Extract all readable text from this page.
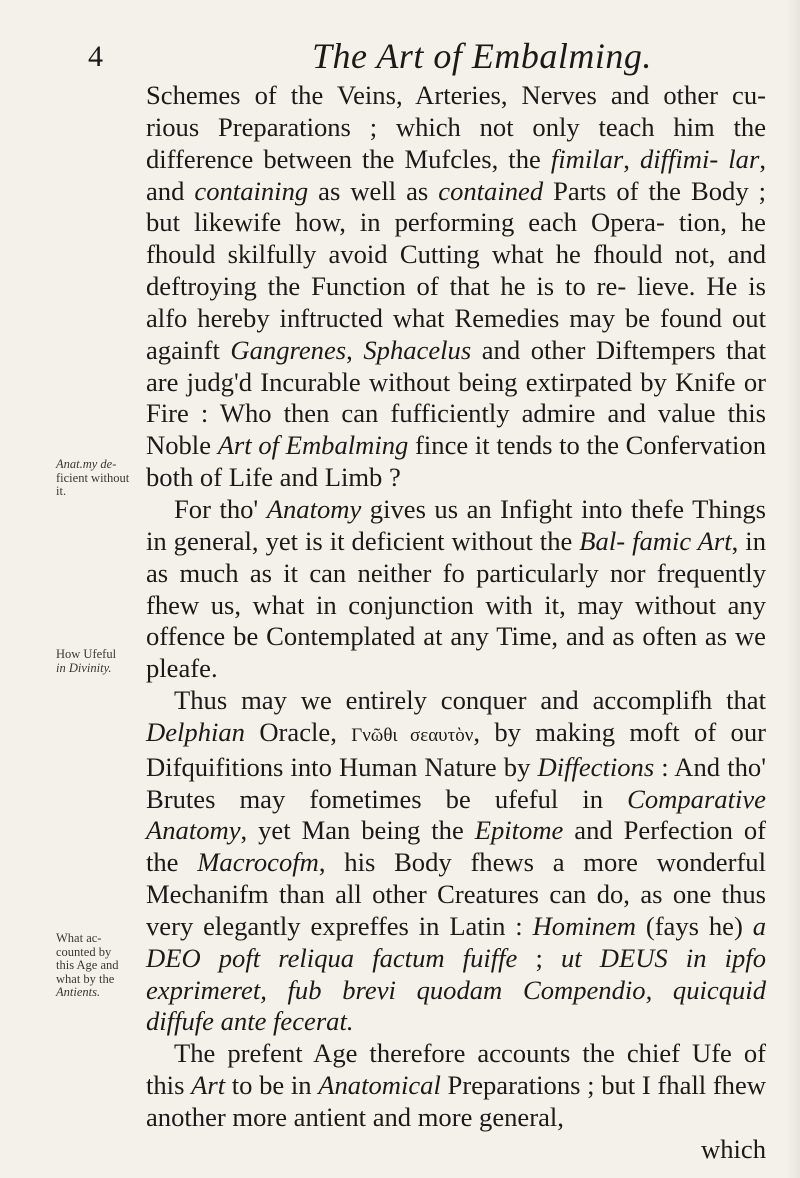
4	The Art of Embalming.
Anat.my de-
ficient without
it.
How Ufeful
in Divinity.
What ac-
counted by
this Age and
what by the
Antients.

Schemes of the Veins, Arteries, Nerves and other cu- rious Preparations ; which not only teach him the difference between the Mufcles, the fimilar, diffimi- lar, and containing as well as contained Parts of the Body ; but likewife how, in performing each Opera- tion, he fhould skilfully avoid Cutting what he fhould not, and deftroying the Function of that he is to re- lieve. He is alfo hereby inftructed what Remedies may be found out againft Gangrenes, Sphacelus and other Diftempers that are judg'd Incurable without being extirpated by Knife or Fire : Who then can fufficiently admire and value this Noble Art of Embalming fince it tends to the Confervation both of Life and Limb ?

For tho' Anatomy gives us an Infight into thefe Things in general, yet is it deficient without the Bal- famic Art, in as much as it can neither fo particularly nor frequently fhew us, what in conjunction with it, may without any offence be Contemplated at any Time, and as often as we pleafe.

Thus may we entirely conquer and accomplifh that Delphian Oracle, Γνῶθι σεαυτὸν, by making moft of our Difquifitions into Human Nature by Diffections : And tho' Brutes may fometimes be ufeful in Comparative Anatomy, yet Man being the Epitome and Perfection of the Macrocofm, his Body fhews a more wonderful Mechanifm than all other Creatures can do, as one thus very elegantly expreffes in Latin : Hominem (fays he) a DEO poft reliqua factum fuiffe ; ut DEUS in ipfo exprimeret, fub brevi quodam Compendio, quicquid diffufe ante fecerat.

The prefent Age therefore accounts the chief Ufe of this Art to be in Anatomical Preparations ; but I fhall fhew another more antient and more general,

which
